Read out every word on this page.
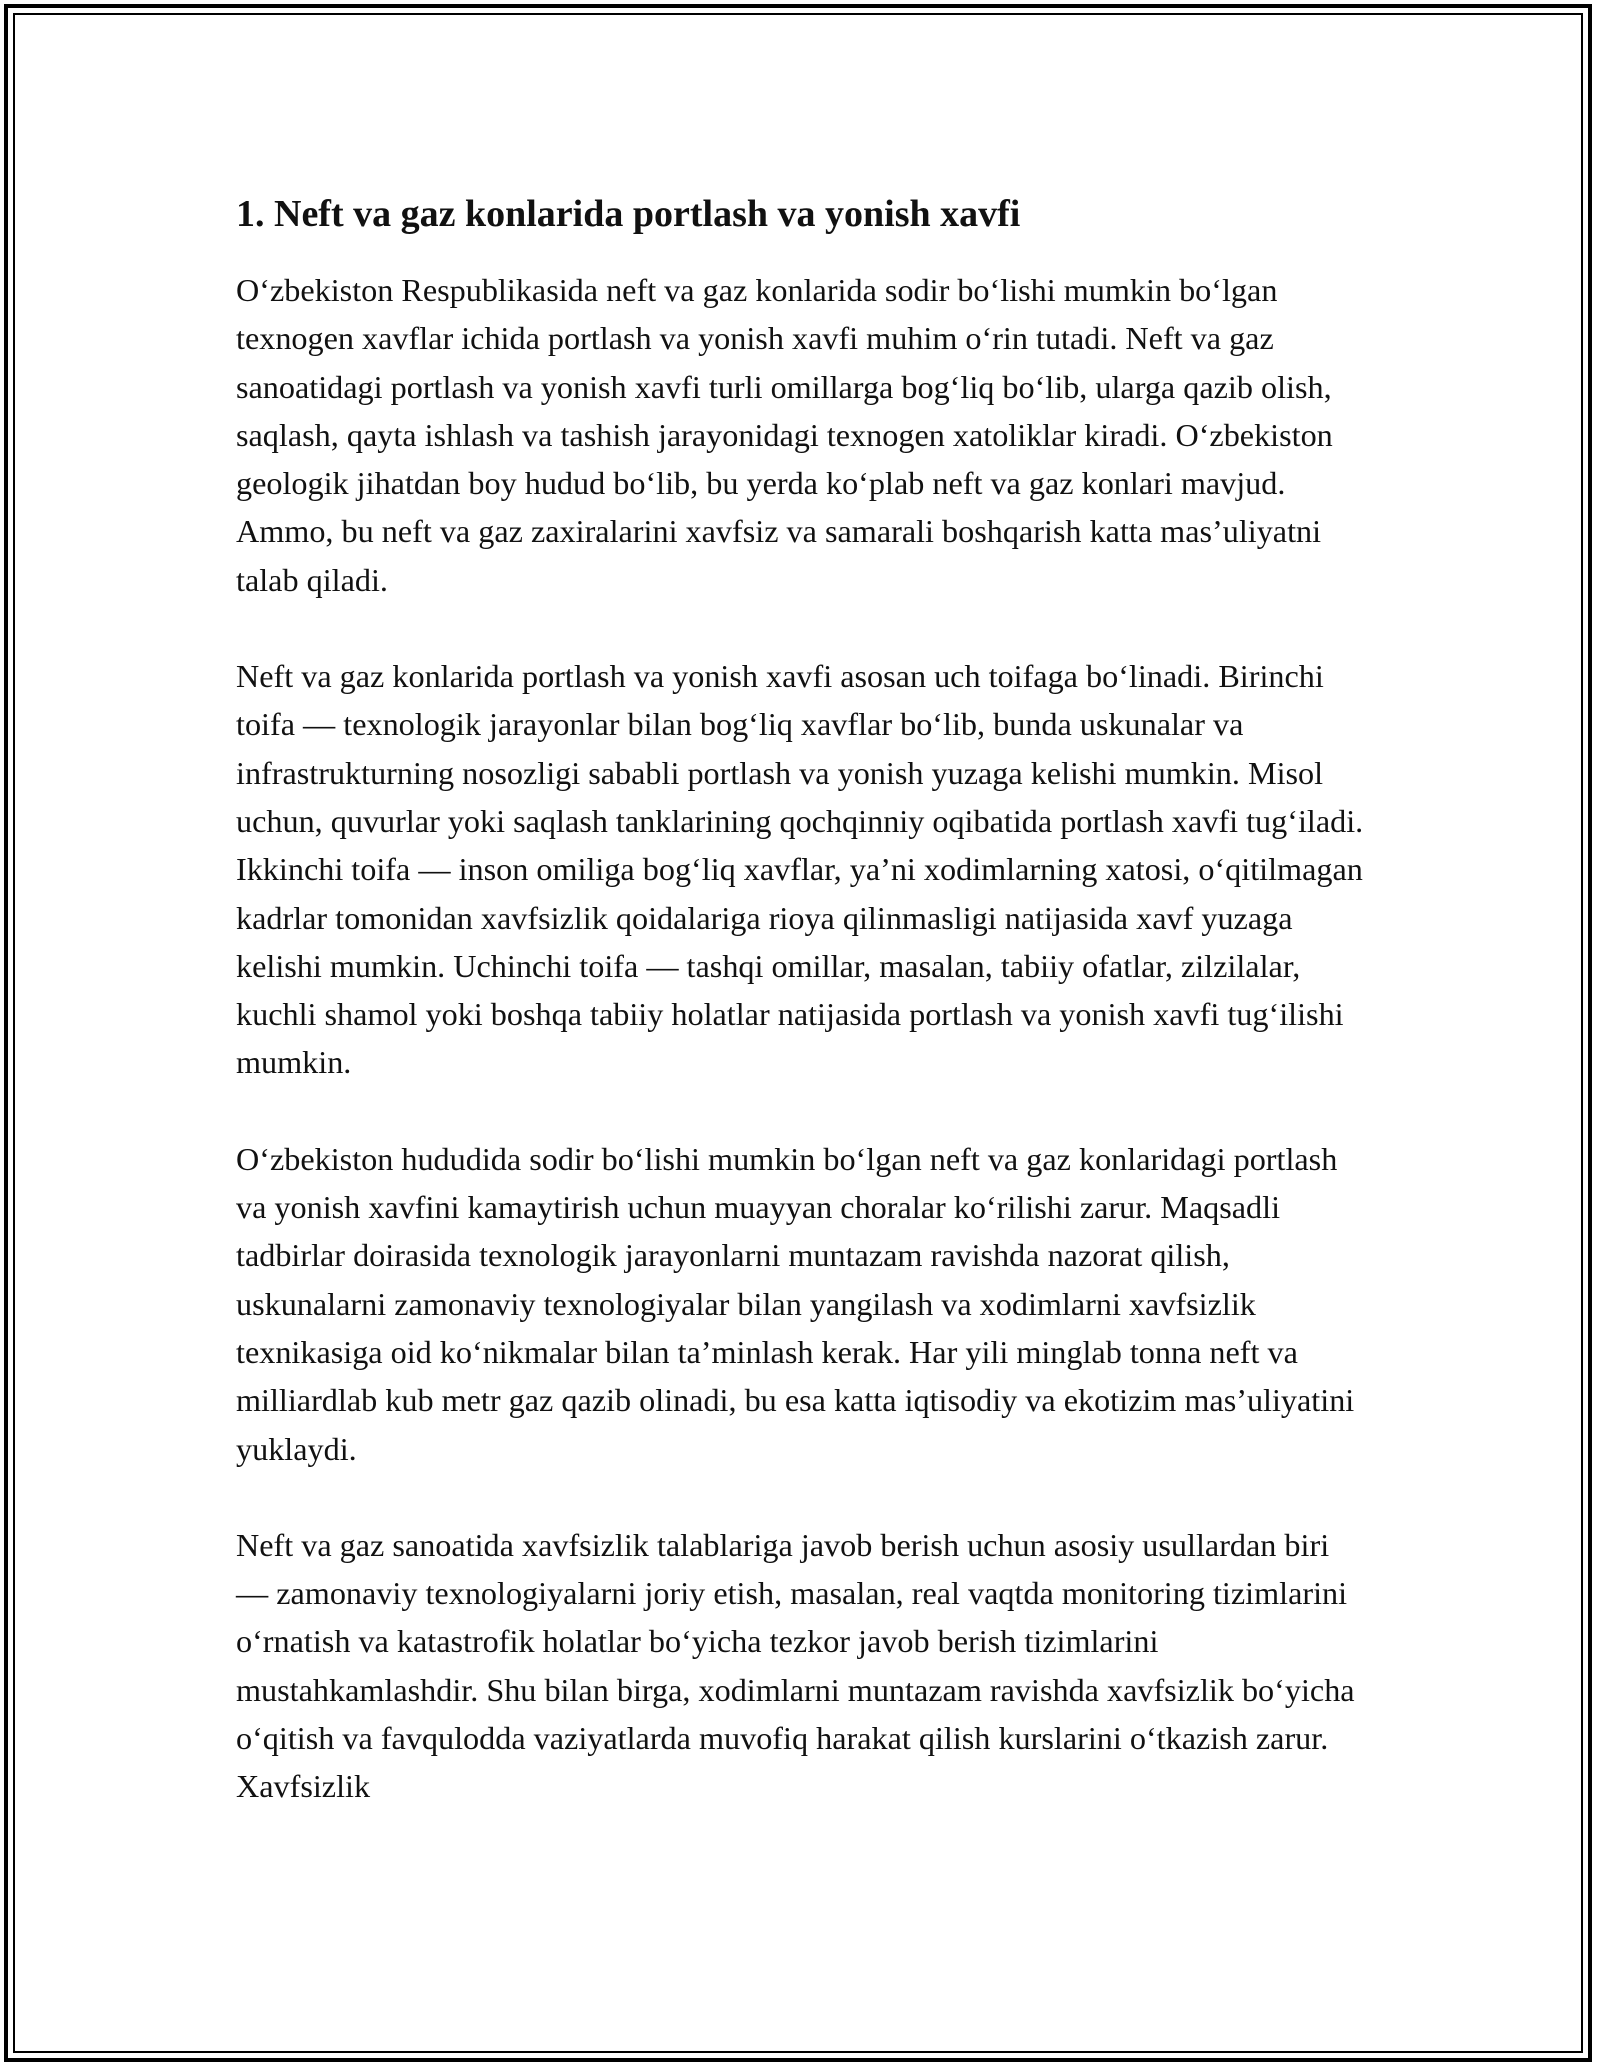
1. Neft va gaz konlarida portlash va yonish xavfi

O‘zbekiston Respublikasida neft va gaz konlarida sodir bo‘lishi mumkin bo‘lgan texnogen xavflar ichida portlash va yonish xavfi muhim o‘rin tutadi. Neft va gaz sanoatidagi portlash va yonish xavfi turli omillarga bog‘liq bo‘lib, ularga qazib olish, saqlash, qayta ishlash va tashish jarayonidagi texnogen xatoliklar kiradi. O‘zbekiston geologik jihatdan boy hudud bo‘lib, bu yerda ko‘plab neft va gaz konlari mavjud. Ammo, bu neft va gaz zaxiralarini xavfsiz va samarali boshqarish katta mas’uliyatni talab qiladi.

Neft va gaz konlarida portlash va yonish xavfi asosan uch toifaga bo‘linadi. Birinchi toifa — texnologik jarayonlar bilan bog‘liq xavflar bo‘lib, bunda uskunalar va infrastrukturning nosozligi sababli portlash va yonish yuzaga kelishi mumkin. Misol uchun, quvurlar yoki saqlash tanklarining qochqinniy oqibatida portlash xavfi tug‘iladi. Ikkinchi toifa — inson omiliga bog‘liq xavflar, ya’ni xodimlarning xatosi, o‘qitilmagan kadrlar tomonidan xavfsizlik qoidalariga rioya qilinmasligi natijasida xavf yuzaga kelishi mumkin. Uchinchi toifa — tashqi omillar, masalan, tabiiy ofatlar, zilzilalar, kuchli shamol yoki boshqa tabiiy holatlar natijasida portlash va yonish xavfi tug‘ilishi mumkin.

O‘zbekiston hududida sodir bo‘lishi mumkin bo‘lgan neft va gaz konlaridagi portlash va yonish xavfini kamaytirish uchun muayyan choralar ko‘rilishi zarur. Maqsadli tadbirlar doirasida texnologik jarayonlarni muntazam ravishda nazorat qilish, uskunalarni zamonaviy texnologiyalar bilan yangilash va xodimlarni xavfsizlik texnikasiga oid ko‘nikmalar bilan ta’minlash kerak. Har yili minglab tonna neft va milliardlab kub metr gaz qazib olinadi, bu esa katta iqtisodiy va ekotizim mas’uliyatini yuklaydi.

Neft va gaz sanoatida xavfsizlik talablariga javob berish uchun asosiy usullardan biri — zamonaviy texnologiyalarni joriy etish, masalan, real vaqtda monitoring tizimlarini o‘rnatish va katastrofik holatlar bo‘yicha tezkor javob berish tizimlarini mustahkamlashdir. Shu bilan birga, xodimlarni muntazam ravishda xavfsizlik bo‘yicha o‘qitish va favqulodda vaziyatlarda muvofiq harakat qilish kurslarini o‘tkazish zarur. Xavfsizlik
